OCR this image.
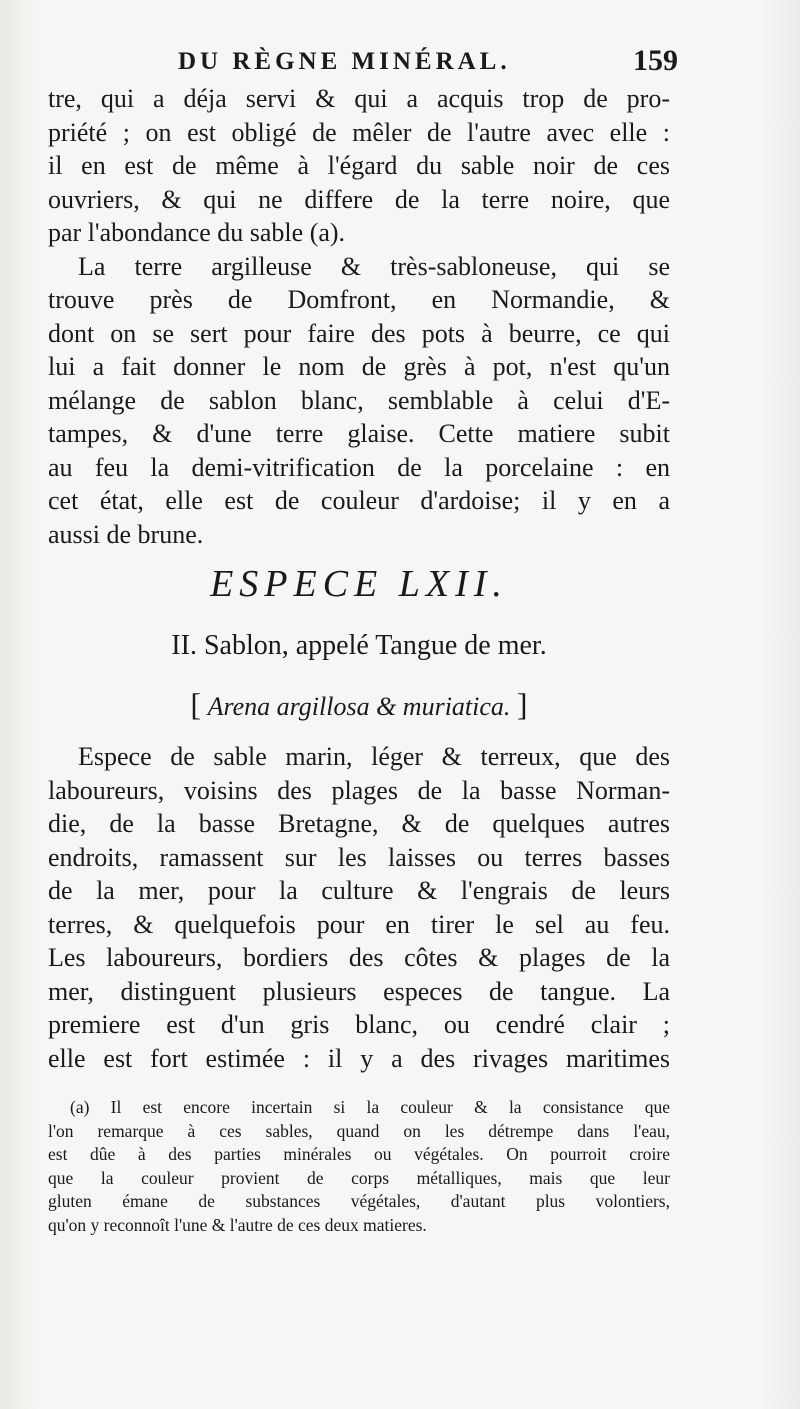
DU RÈGNE MINÉRAL.	159
tre, qui a déja servi & qui a acquis trop de pro-
priété ; on est obligé de mêler de l'autre avec elle :
il en est de même à l'égard du sable noir de ces
ouvriers, & qui ne differe de la terre noire, que
par l'abondance du sable (a).
La terre argilleuse & très-sabloneuse, qui se
trouve près de Domfront, en Normandie, &
dont on se sert pour faire des pots à beurre, ce qui
lui a fait donner le nom de grès à pot, n'est qu'un
mélange de sablon blanc, semblable à celui d'E-
tampes, & d'une terre glaise. Cette matiere subit
au feu la demi-vitrification de la porcelaine : en
cet état, elle est de couleur d'ardoise; il y en a
aussi de brune.
ESPECE LXII.
II. Sablon, appelé Tangue de mer.
[ Arena argillosa & muriatica. ]
Espece de sable marin, léger & terreux, que des
laboureurs, voisins des plages de la basse Norman-
die, de la basse Bretagne, & de quelques autres
endroits, ramassent sur les laisses ou terres basses
de la mer, pour la culture & l'engrais de leurs
terres, & quelquefois pour en tirer le sel au feu.
Les laboureurs, bordiers des côtes & plages de la
mer, distinguent plusieurs especes de tangue. La
premiere est d'un gris blanc, ou cendré clair ;
elle est fort estimée : il y a des rivages maritimes
(a) Il est encore incertain si la couleur & la consistance que
l'on remarque à ces sables, quand on les détrempe dans l'eau,
est dûe à des parties minérales ou végétales. On pourroit croire
que la couleur provient de corps métalliques, mais que leur
gluten émane de substances végétales, d'autant plus volontiers,
qu'on y reconnoît l'une & l'autre de ces deux matieres.
